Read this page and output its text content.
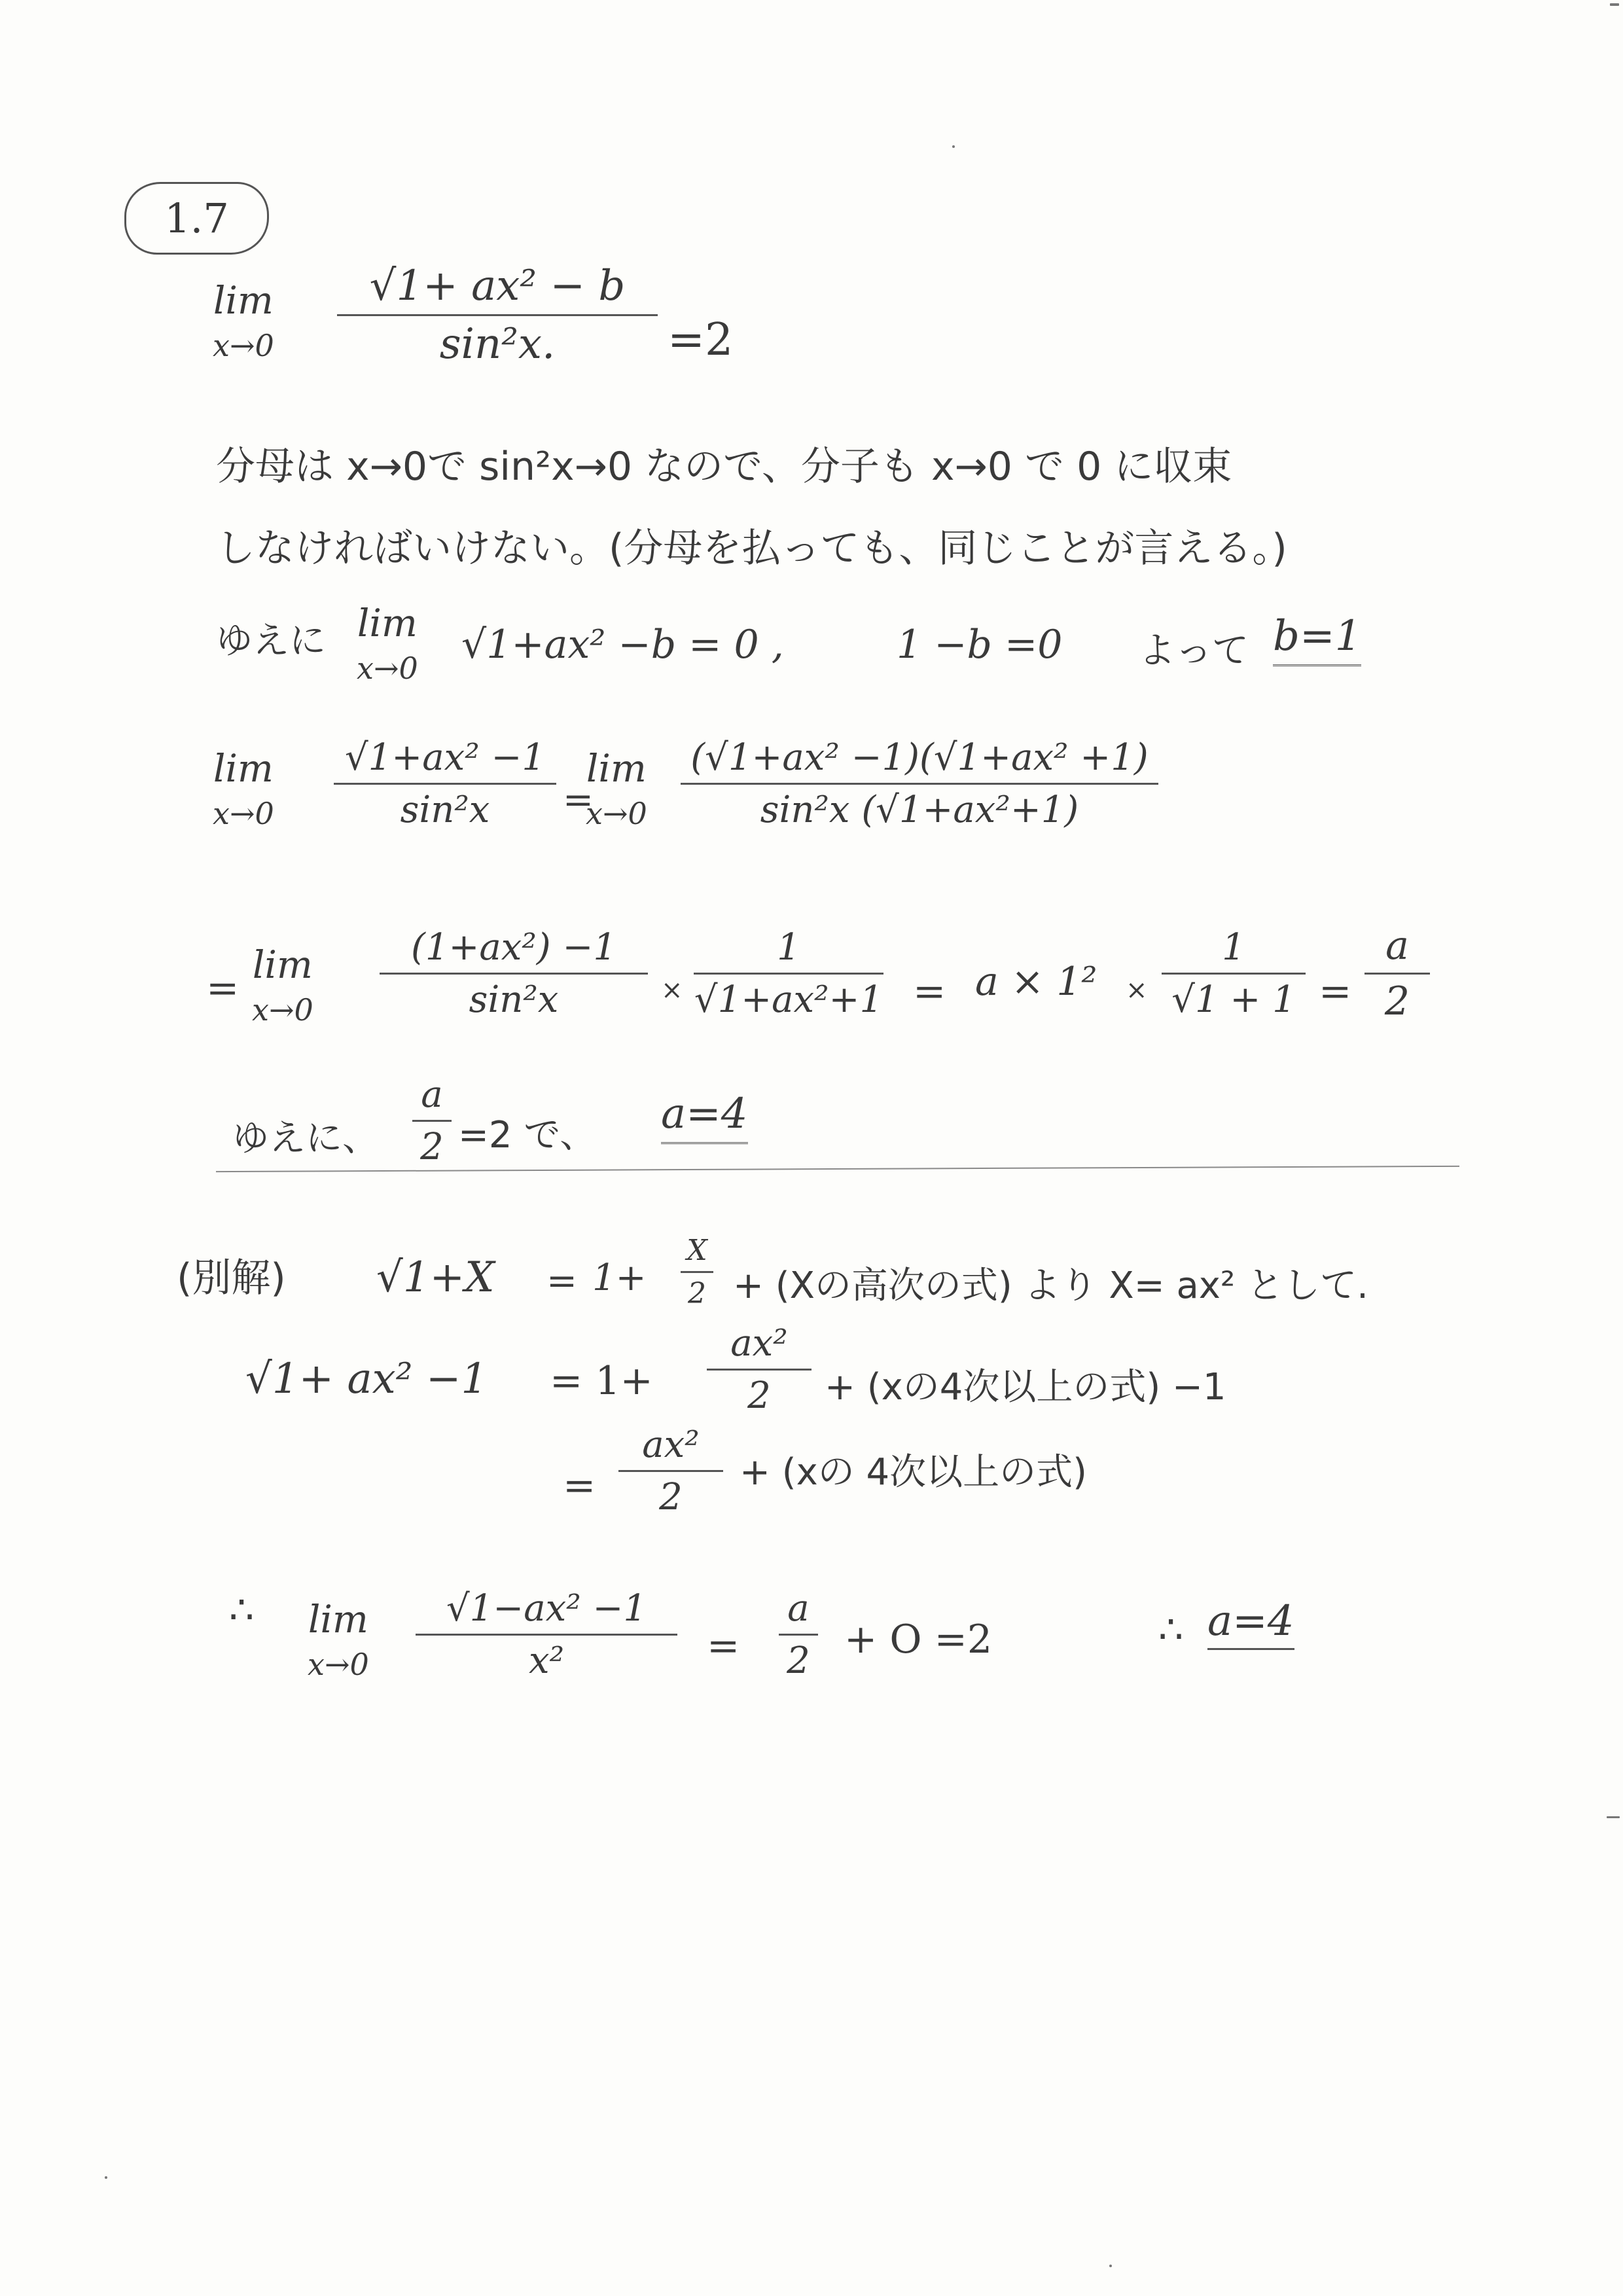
1.7
lim
x→0
√1+ ax² − b
sin²x.	=2
分母は x→0で sin²x→0 なので、分子も x→0 で 0 に収束
しなければいけない。(分母を払っても、同じことが言える。)
ゆえに lim
x→0
√1+ax² −b = 0 ,	1 −b =0 よって b=1
lim
x→0
√1+ax² −1
sin²x =
lim
x→0
(√1+ax² −1)(√1+ax² +1)
sin²x (√1+ax²+1)
=
lim
x→0
(1+ax²) −1
sin²x	×
1
√1+ax²+1 = a × 1² ×
1
√1 + 1 =
a
2
ゆえに、
a
2 =2 で、 a=4
(別解) √1+X = 1+
X
2 + (Xの高次の式) より X= ax² として.
√1+ ax² −1 = 1+
ax²
2 + (xの4次以上の式) −1
=
ax²
2
+ (xの 4次以上の式)
∴ lim
x→0
√1−ax² −1
x²	=
a
2 + O =2	∴ a=4
